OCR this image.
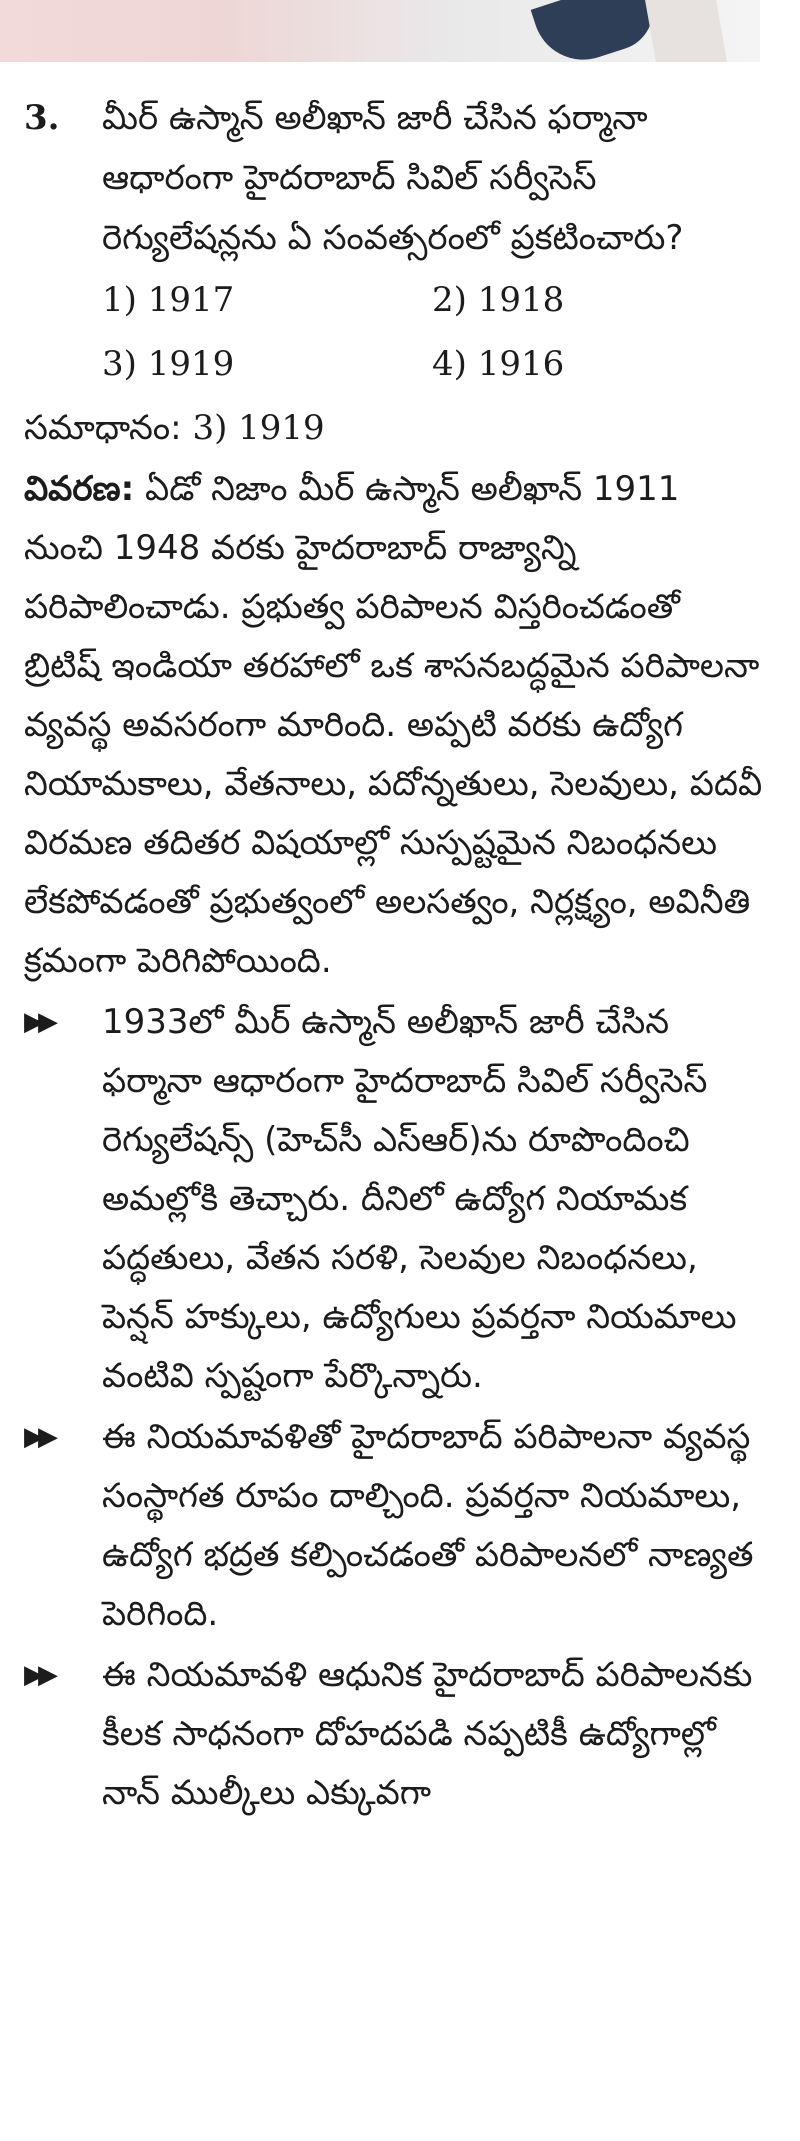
3.	మీర్ ఉస్మాన్ అలీఖాన్ జారీ చేసిన ఫర్మానా ఆధారంగా హైదరాబాద్ సివిల్ సర్వీసెస్ రెగ్యులేషన్లను ఏ సంవత్సరంలో ప్రకటించారు?
1) 1917	2) 1918
3) 1919	4) 1916
సమాధానం: 3) 1919
వివరణ: ఏడో నిజాం మీర్ ఉస్మాన్ అలీఖాన్ 1911 నుంచి 1948 వరకు హైదరాబాద్ రాజ్యాన్ని పరిపాలించాడు. ప్రభుత్వ పరిపాలన విస్తరించడంతో బ్రిటిష్ ఇండియా తరహాలో ఒక శాసనబద్ధమైన పరిపాలనా వ్యవస్థ అవసరంగా మారింది. అప్పటి వరకు ఉద్యోగ నియామకాలు, వేతనాలు, పదోన్నతులు, సెలవులు, పదవీ విరమణ తదితర విషయాల్లో సుస్పష్టమైన నిబంధనలు లేకపోవడంతో ప్రభుత్వంలో అలసత్వం, నిర్లక్ష్యం, అవినీతి క్రమంగా పెరిగిపోయింది.
▶▶	1933లో మీర్ ఉస్మాన్ అలీఖాన్ జారీ చేసిన ఫర్మానా ఆధారంగా హైదరాబాద్ సివిల్ సర్వీసెస్ రెగ్యులేషన్స్ (హెచ్‌సీ ఎస్ఆర్)ను రూపొందించి అమల్లోకి తెచ్చారు. దీనిలో ఉద్యోగ నియామక పద్ధతులు, వేతన సరళి, సెలవుల నిబంధనలు, పెన్షన్ హక్కులు, ఉద్యోగులు ప్రవర్తనా నియమాలు వంటివి స్పష్టంగా పేర్కొన్నారు.
▶▶	ఈ నియమావళితో హైదరాబాద్ పరిపాలనా వ్యవస్థ సంస్థాగత రూపం దాల్చింది. ప్రవర్తనా నియమాలు, ఉద్యోగ భద్రత కల్పించడంతో పరిపాలనలో నాణ్యత పెరిగింది.
▶▶	ఈ నియమావళి ఆధునిక హైదరాబాద్ పరిపాలనకు కీలక సాధనంగా దోహదపడి నప్పటికీ ఉద్యోగాల్లో నాన్ ముల్కీలు ఎక్కువగా
